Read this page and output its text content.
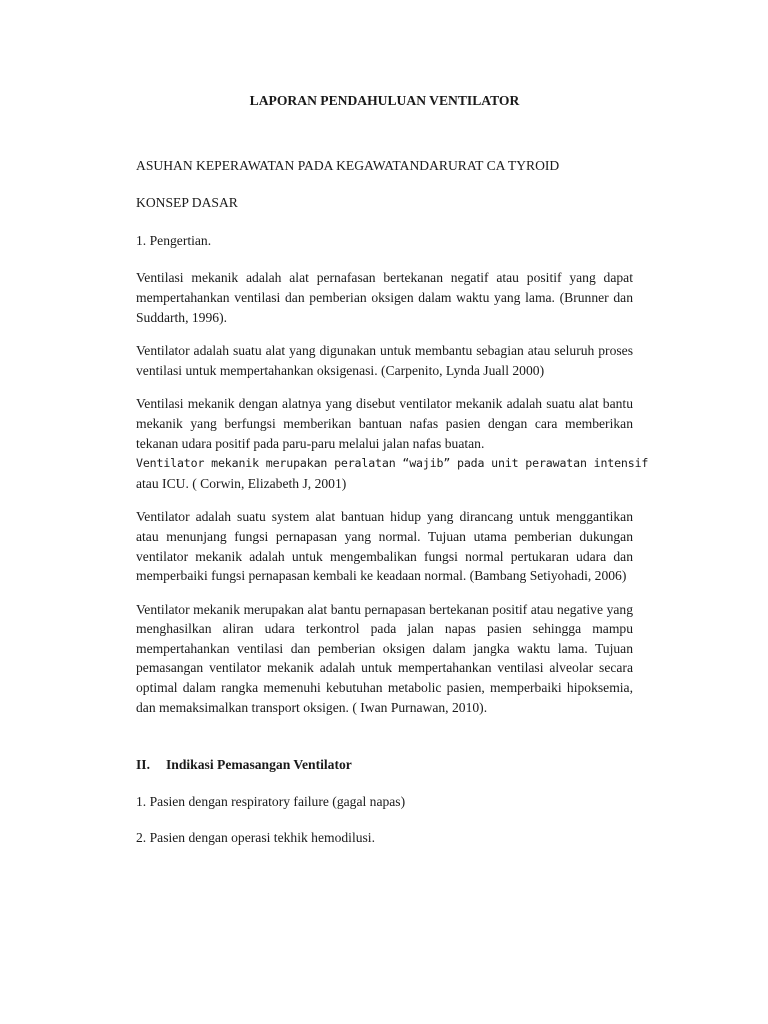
LAPORAN PENDAHULUAN VENTILATOR
ASUHAN KEPERAWATAN PADA KEGAWATANDARURAT CA TYROID
KONSEP DASAR
1. Pengertian.

Ventilasi mekanik adalah alat pernafasan bertekanan negatif atau positif yang dapat mempertahankan ventilasi dan pemberian oksigen dalam waktu yang lama. (Brunner dan Suddarth, 1996).

Ventilator adalah suatu alat yang digunakan untuk membantu sebagian atau seluruh proses ventilasi untuk mempertahankan oksigenasi. (Carpenito, Lynda Juall 2000)

Ventilasi mekanik dengan alatnya yang disebut ventilator mekanik adalah suatu alat bantu mekanik yang berfungsi memberikan bantuan nafas pasien dengan cara memberikan tekanan udara positif pada paru-paru melalui jalan nafas buatan.
Ventilator mekanik merupakan peralatan “wajib” pada unit perawatan intensif
atau ICU. ( Corwin, Elizabeth J, 2001)

Ventilator adalah suatu system alat bantuan hidup yang dirancang untuk menggantikan atau menunjang fungsi pernapasan yang normal. Tujuan utama pemberian dukungan ventilator mekanik adalah untuk mengembalikan fungsi normal pertukaran udara dan memperbaiki fungsi pernapasan kembali ke keadaan normal. (Bambang Setiyohadi, 2006)

Ventilator mekanik merupakan alat bantu pernapasan bertekanan positif atau negative yang menghasilkan aliran udara terkontrol pada jalan napas pasien sehingga mampu mempertahankan ventilasi dan pemberian oksigen dalam jangka waktu lama. Tujuan pemasangan ventilator mekanik adalah untuk mempertahankan ventilasi alveolar secara optimal dalam rangka memenuhi kebutuhan metabolic pasien, memperbaiki hipoksemia, dan memaksimalkan transport oksigen. ( Iwan Purnawan, 2010).

II. Indikasi Pemasangan Ventilator
1. Pasien dengan respiratory failure (gagal napas)
2. Pasien dengan operasi tekhik hemodilusi.
